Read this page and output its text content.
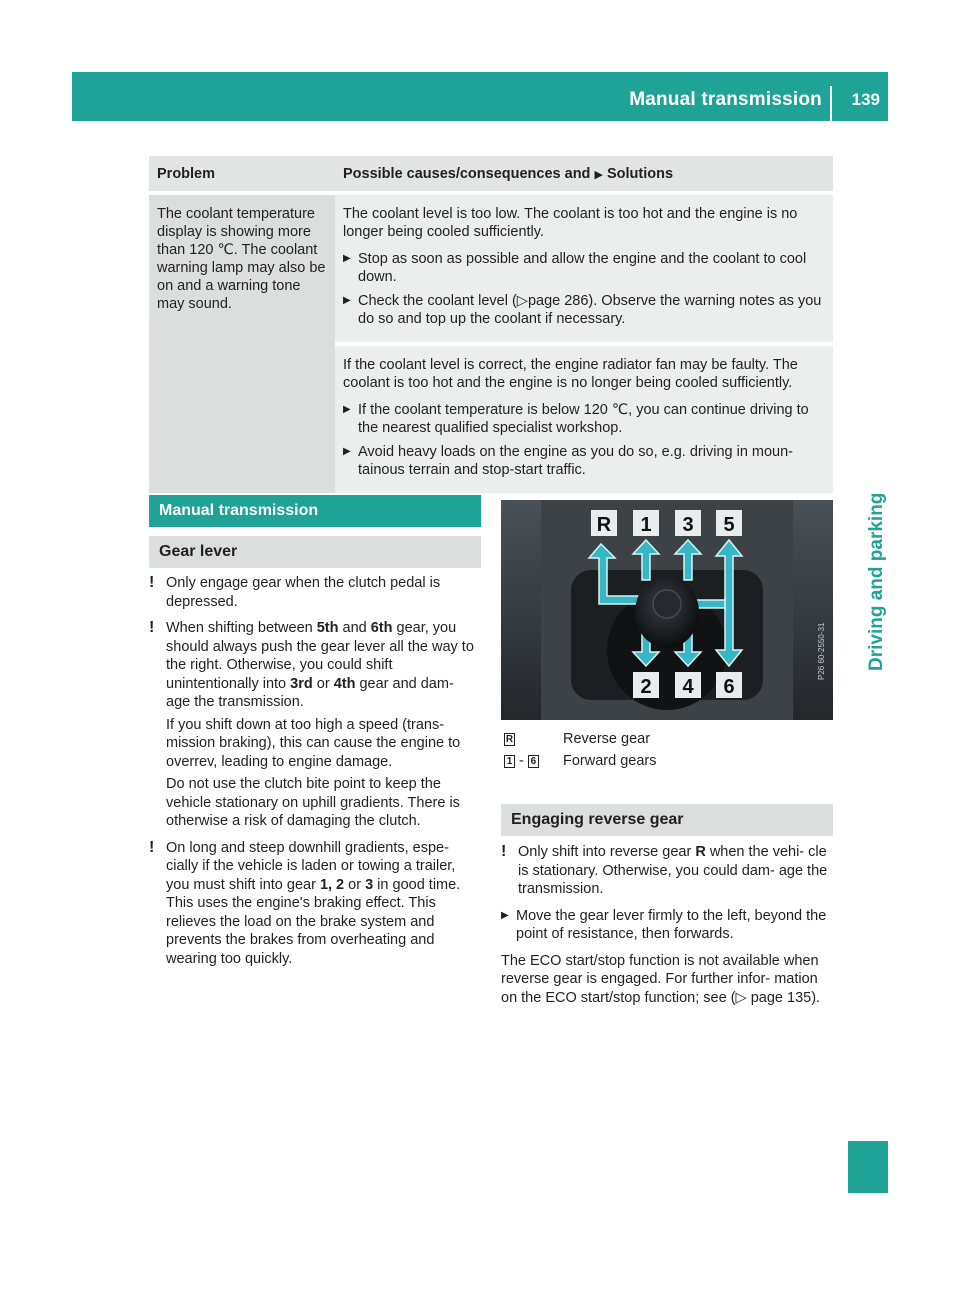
Manual transmission 139
Driving and parking
Problem	Possible causes/consequences and ▶ Solutions

The coolant temperature display is showing more than 120 ℃. The coolant warning lamp may also be on and a warning tone may sound.	The coolant level is too low. The coolant is too hot and the engine is no longer being cooled sufficiently.

▶ Stop as soon as possible and allow the engine and the coolant to cool down.
▶ Check the coolant level (▷page 286). Observe the warning notes as you do so and top up the coolant if necessary.

	If the coolant level is correct, the engine radiator fan may be faulty. The coolant is too hot and the engine is no longer being cooled sufficiently.

▶ If the coolant temperature is below 120 ℃, you can continue driving to the nearest qualified specialist workshop.
▶ Avoid heavy loads on the engine as you do so, e.g. driving in moun- tainous terrain and stop-start traffic.
Manual transmission
Gear lever
! Only engage gear when the clutch pedal is depressed.
! When shifting between 5th and 6th gear, you should always push the gear lever all the way to the right. Otherwise, you could shift unintentionally into 3rd or 4th gear and dam- age the transmission.
If you shift down at too high a speed (trans- mission braking), this can cause the engine to overrev, leading to engine damage.
Do not use the clutch bite point to keep the vehicle stationary on uphill gradients. There is otherwise a risk of damaging the clutch.
! On long and steep downhill gradients, espe- cially if the vehicle is laden or towing a trailer, you must shift into gear 1, 2 or 3 in good time. This uses the engine's braking effect. This relieves the load on the brake system and prevents the brakes from overheating and wearing too quickly.
R 1 3 5
2 4 6
P26 60-2550-31
R	Reverse gear
1 - 6	Forward gears
Engaging reverse gear
! Only shift into reverse gear R when the vehi- cle is stationary. Otherwise, you could dam- age the transmission.
▶ Move the gear lever firmly to the left, beyond the point of resistance, then forwards.
The ECO start/stop function is not available when reverse gear is engaged. For further infor- mation on the ECO start/stop function; see (▷ page 135).
